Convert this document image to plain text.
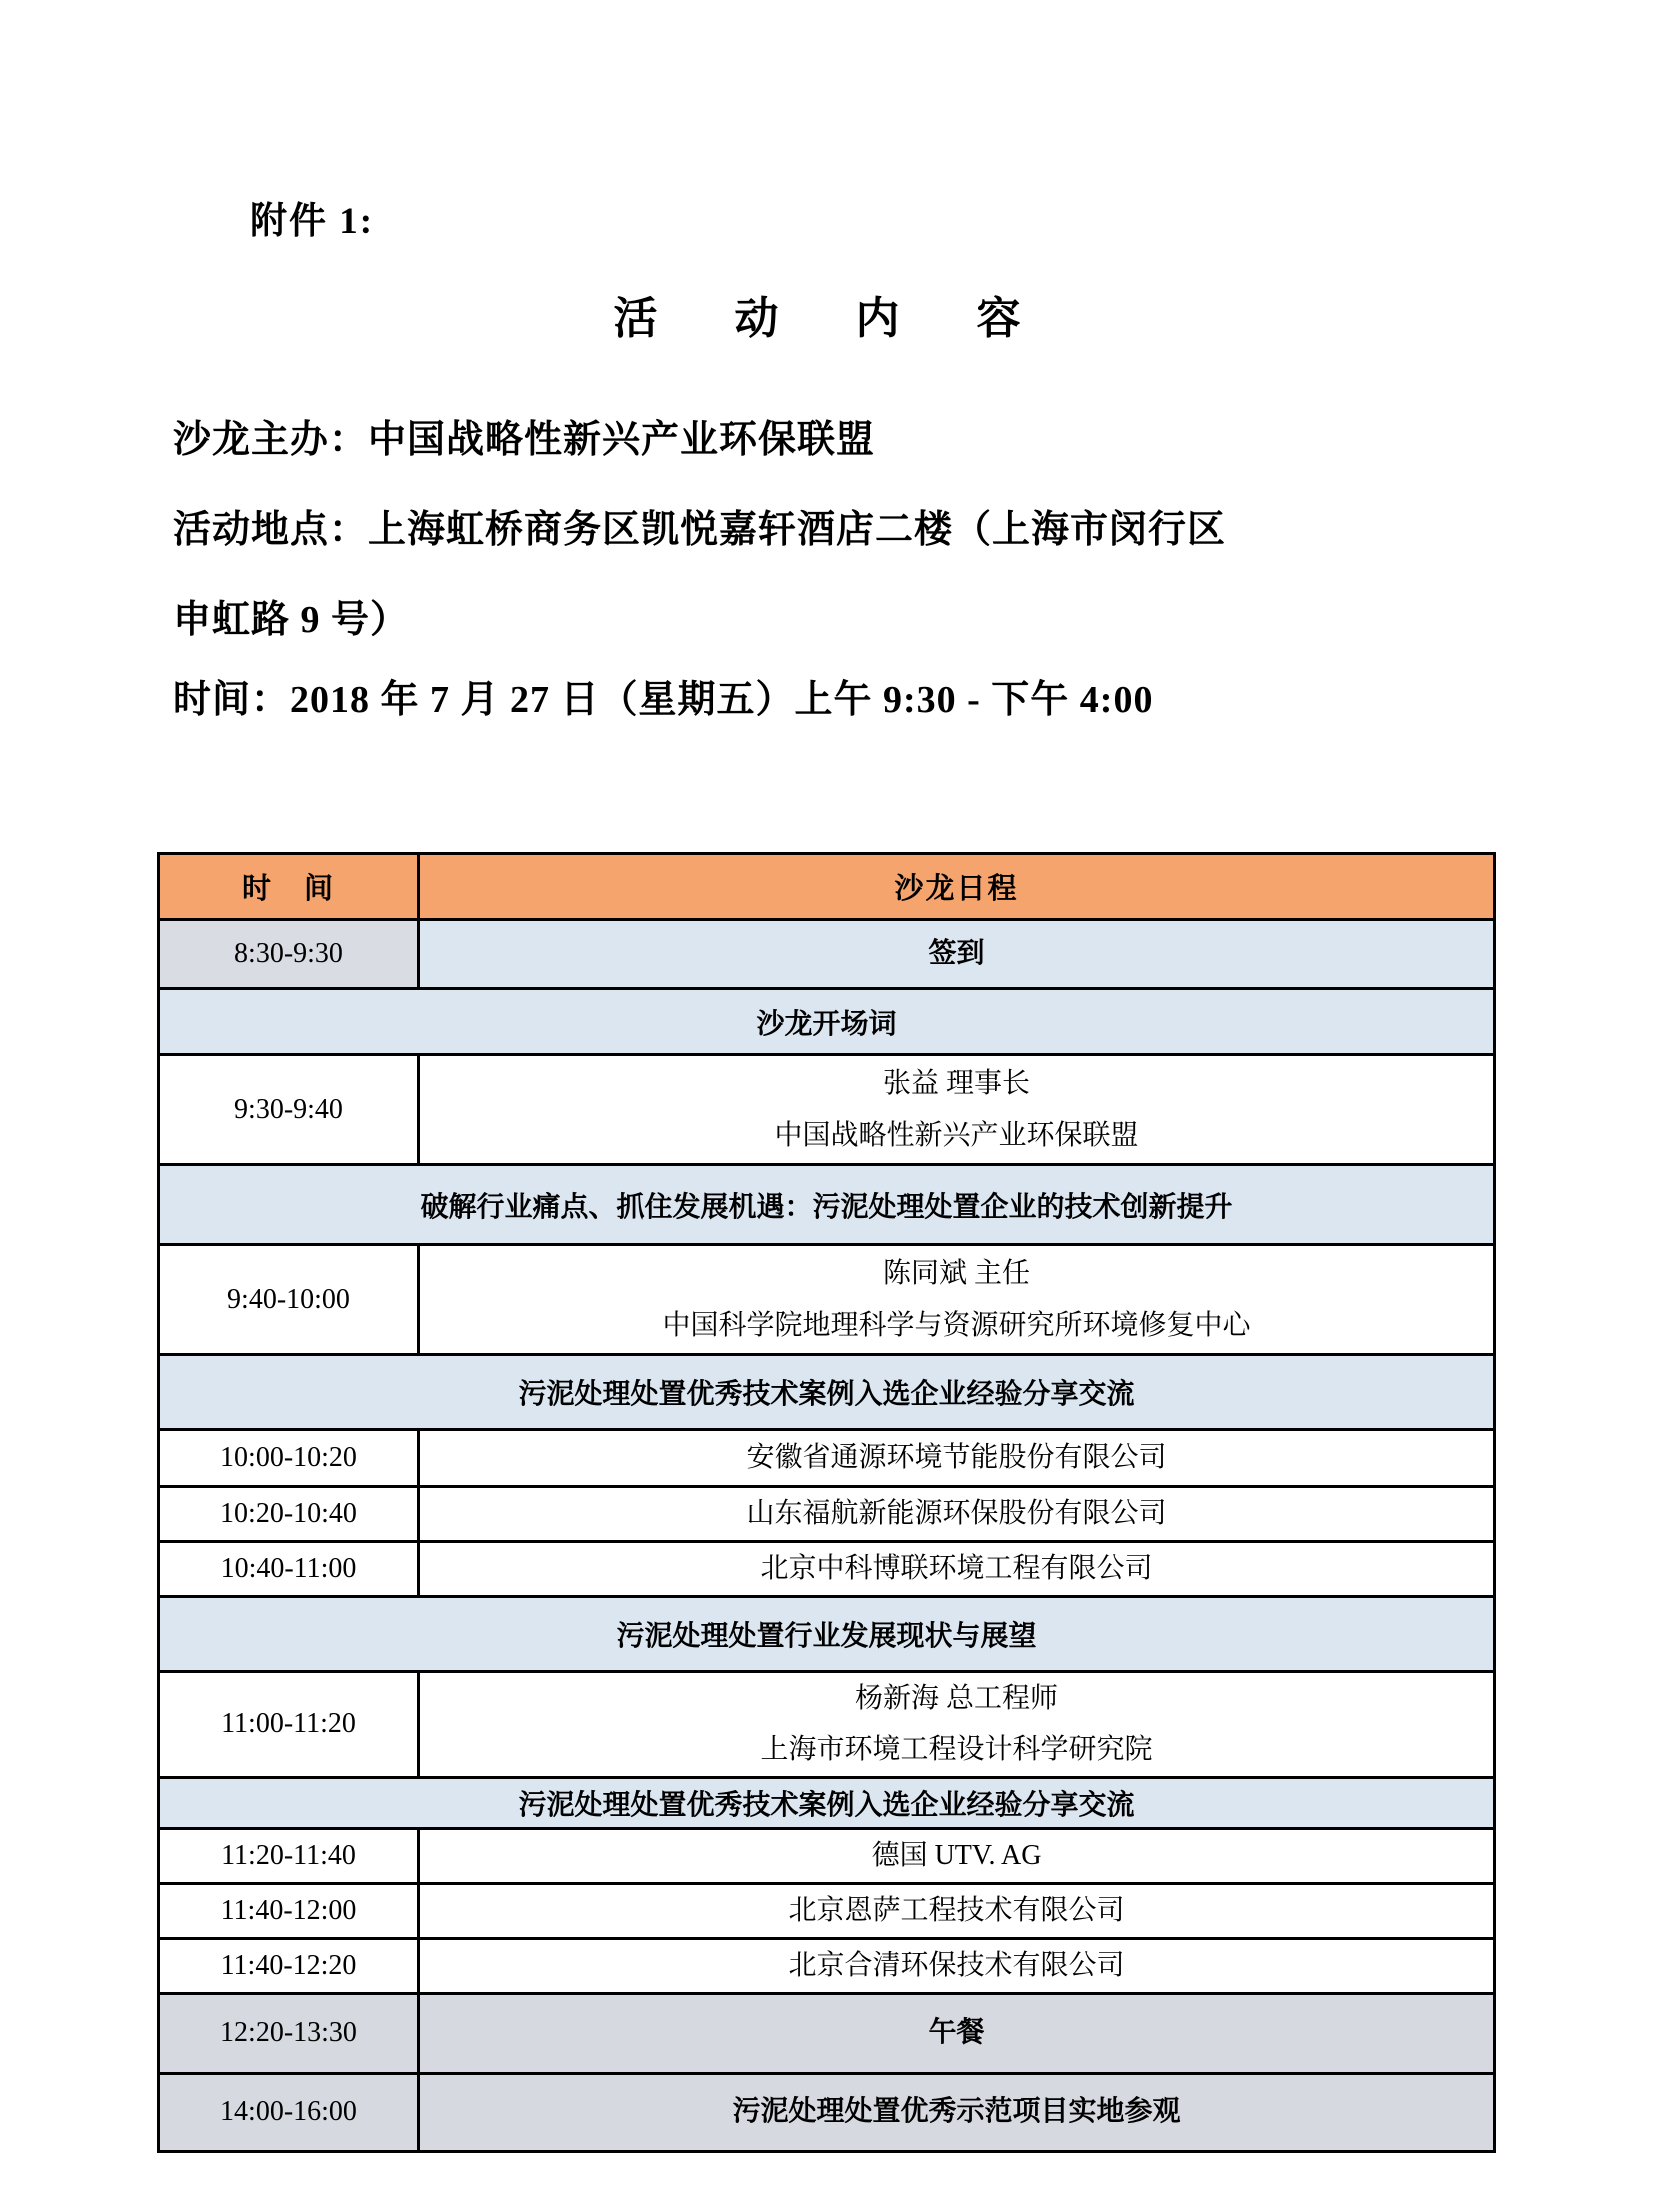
附件 1:
活 动 内 容
沙龙主办：中国战略性新兴产业环保联盟
活动地点：上海虹桥商务区凯悦嘉轩酒店二楼（上海市闵行区
申虹路 9 号）
时间：2018 年 7 月 27 日（星期五）上午 9:30 - 下午 4:00
时　间	沙龙日程
8:30-9:30	签到

沙龙开场词	
9:30-9:40	张益 理事长
中国战略性新兴产业环保联盟

破解行业痛点、抓住发展机遇：污泥处理处置企业的技术创新提升	
9:40-10:00	陈同斌 主任
中国科学院地理科学与资源研究所环境修复中心

污泥处理处置优秀技术案例入选企业经验分享交流	
10:00-10:20	安徽省通源环境节能股份有限公司

10:20-10:40	山东福航新能源环保股份有限公司

10:40-11:00	北京中科博联环境工程有限公司

污泥处理处置行业发展现状与展望	
11:00-11:20	杨新海 总工程师
上海市环境工程设计科学研究院

污泥处理处置优秀技术案例入选企业经验分享交流	
11:20-11:40	德国 UTV. AG

11:40-12:00	北京恩萨工程技术有限公司

11:40-12:20	北京合清环保技术有限公司

12:20-13:30	午餐

14:00-16:00	污泥处理处置优秀示范项目实地参观
